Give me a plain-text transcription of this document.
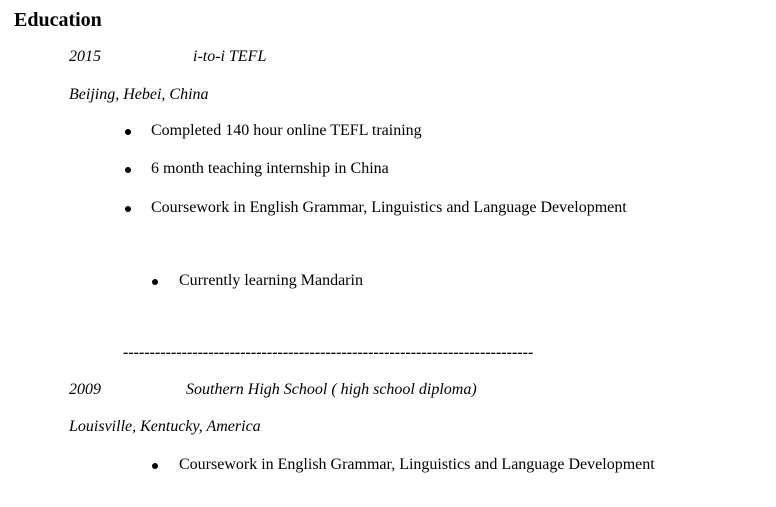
Education
2015	i-to-i TEFL
Beijing, Hebei, China
Completed 140 hour online TEFL training
6 month teaching internship in China
Coursework in English Grammar, Linguistics and Language Development
Currently learning Mandarin
-----------------------------------------------------------------------------
2009	Southern High School ( high school diploma)
Louisville, Kentucky, America
Coursework in English Grammar, Linguistics and Language Development
